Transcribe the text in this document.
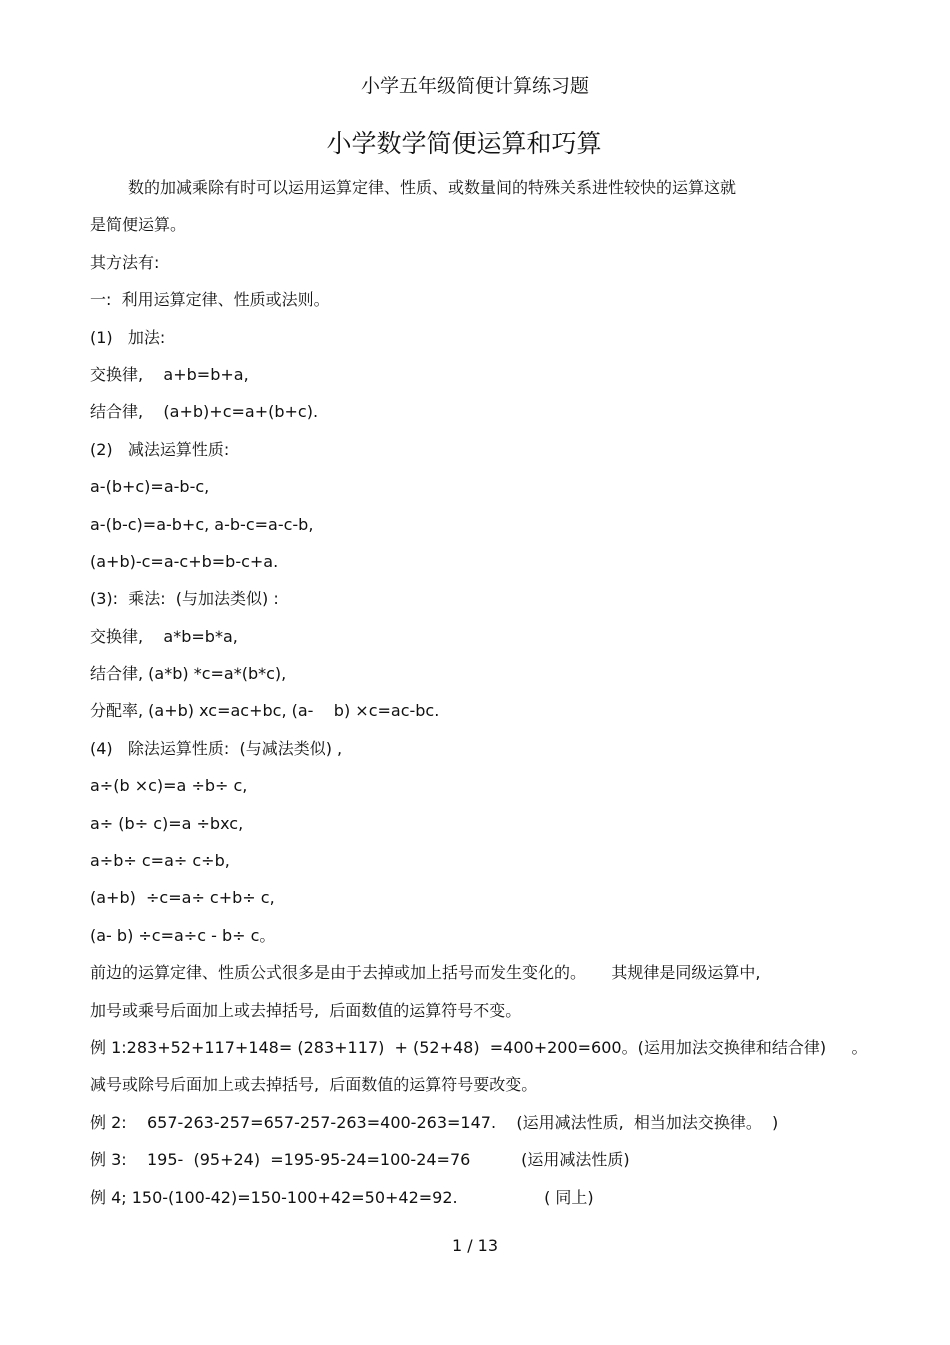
小学五年级简便计算练习题
小学数学简便运算和巧算
数的加减乘除有时可以运用运算定律、性质、或数量间的特殊关系进性较快的运算这就
是简便运算。
其方法有:
一:  利用运算定律、性质或法则。
(1)   加法:
交换律,    a+b=b+a,
结合律,    (a+b)+c=a+(b+c).
(2)   减法运算性质:
a-(b+c)=a-b-c,
a-(b-c)=a-b+c, a-b-c=a-c-b,
(a+b)-c=a-c+b=b-c+a.
(3):  乘法:  (与加法类似) :
交换律,    a*b=b*a,
结合律, (a*b) *c=a*(b*c),
分配率, (a+b) xc=ac+bc, (a-    b) ×c=ac-bc.
(4)   除法运算性质:  (与减法类似) ,
a÷(b ×c)=a ÷b÷ c,
a÷ (b÷ c)=a ÷bxc,
a÷b÷ c=a÷ c÷b,
(a+b)  ÷c=a÷ c+b÷ c,
(a- b) ÷c=a÷c - b÷ c。
前边的运算定律、性质公式很多是由于去掉或加上括号而发生变化的。     其规律是同级运算中,
加号或乘号后面加上或去掉括号,  后面数值的运算符号不变。
例 1:283+52+117+148= (283+117)  + (52+48)  =400+200=600。(运用加法交换律和结合律)     。
减号或除号后面加上或去掉括号,  后面数值的运算符号要改变。
例 2:    657-263-257=657-257-263=400-263=147.    (运用减法性质,  相当加法交换律。  )
例 3:    195-  (95+24)  =195-95-24=100-24=76          (运用减法性质)
例 4; 150-(100-42)=150-100+42=50+42=92.                 ( 同上)
1 / 13
